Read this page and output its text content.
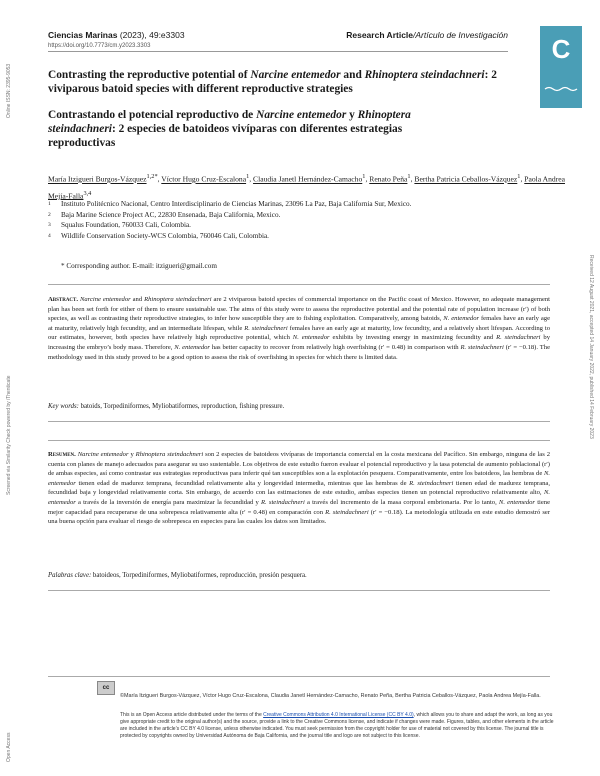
Ciencias Marinas (2023), 49:e3303
https://doi.org/10.7773/cm.y2023.3303
Research Article/Artículo de Investigación	C
M
Online ISSN: 2395-9053
Screened via Similarity Check powered by iThenticate
Open Access
Received 12 August 2021, accepted 14 January 2022, published 14 February 2023
Contrasting the reproductive potential of Narcine entemedor and Rhinoptera steindachneri: 2 viviparous batoid species with different reproductive strategies
Contrastando el potencial reproductivo de Narcine entemedor y Rhinoptera steindachneri: 2 especies de batoideos vivíparas con diferentes estrategias reproductivas
María Itzigueri Burgos-Vázquez$^{1,2*}$, Víctor Hugo Cruz-Escalona$^1$, Claudia Janetl Hernández-Camacho$^1$, Renato Peña$^1$, Bertha Patricia Ceballos-Vázquez$^1$, Paola Andrea Mejía-Falla$^{3,4}$
1	Instituto Politécnico Nacional, Centro Interdisciplinario de Ciencias Marinas, 23096 La Paz, Baja California Sur, Mexico.
2	Baja Marine Science Project AC, 22830 Ensenada, Baja California, Mexico.
3	Squalus Foundation, 760033 Cali, Colombia.
4	Wildlife Conservation Society-WCS Colombia, 760046 Cali, Colombia.
* Corresponding author. E-mail: itzigueri@gmail.com
Abstract. Narcine entemedor and Rhinoptera steindachneri are 2 viviparous batoid species of commercial importance on the Pacific coast of Mexico. However, no adequate management plan has been set forth for either of them to ensure sustainable use. The aims of this study were to assess the reproductive potential and the potential rate of population increase (r′) of both species, as well as contrasting their reproductive strategies, to infer how susceptible they are to fishing exploitation. Comparatively, among batoids, N. entemedor females have an early age at maturity, relatively high fecundity, and an intermediate lifespan, while R. steindachneri females have an early age at maturity, low fecundity, and a relatively short lifespan. According to our estimates, however, both species have relatively high reproductive potential, which N. entemedor exhibits by investing energy in maximizing fecundity and R. steindachneri by increasing the embryo’s body mass. Therefore, N. entemedor has better capacity to recover from relatively high overfishing (r′ = 0.48) in comparison with R. steindachneri (r′ = −0.18). The methodology used in this study proved to be a good option to assess the risk of overfishing in species for which there is limited data.
Key words: batoids, Torpediniformes, Myliobatiformes, reproduction, fishing pressure.
Resumen. Narcine entemedor y Rhinoptera steindachneri son 2 especies de batoideos vivíparas de importancia comercial en la costa mexicana del Pacífico. Sin embargo, ninguna de las 2 cuenta con planes de manejo adecuados para asegurar su uso sustentable. Los objetivos de este estudio fueron evaluar el potencial reproductivo y la tasa potencial de aumento poblacional (r′) de ambas especies, así como contrastar sus estrategias reproductivas para inferir qué tan susceptibles son a la explotación pesquera. Comparativamente, entre los batoideos, las hembras de N. entemedor tienen edad de madurez temprana, fecundidad relativamente alta y longevidad intermedia, mientras que las hembras de R. steindachneri tienen edad de madurez temprana, fecundidad baja y longevidad relativamente corta. Sin embargo, de acuerdo con las estimaciones de este estudio, ambas especies tienen un potencial reproductivo relativamente alto, N. entemedor a través de la inversión de energía para maximizar la fecundidad y R. steindachneri a través del incremento de la masa corporal embrionaria. Por lo tanto, N. entemedor tiene mejor capacidad para recuperarse de una sobrepesca relativamente alta (r′ = 0.48) en comparación con R. steindachneri (r′ = −0.18). La metodología utilizada en este estudio demostró ser una buena opción para evaluar el riesgo de sobrepesca en especies para las cuales los datos son limitados.
Palabras clave: batoideos, Torpediniformes, Myliobatiformes, reproducción, presión pesquera.
cc
©María Itzigueri Burgos-Vázquez, Víctor Hugo Cruz-Escalona, Claudia Janetl Hernández-Camacho, Renato Peña, Bertha Patricia Ceballos-Vázquez, Paola Andrea Mejía-Falla.
This is an Open Access article distributed under the terms of the Creative Commons Attribution 4.0 International License (CC BY 4.0), which allows you to share and adapt the work, as long as you give appropriate credit to the original author(s) and the source, provide a link to the Creative Commons license, and indicate if changes were made. Figures, tables, and other elements in the article are included in the article’s CC BY 4.0 license, unless otherwise indicated. You must seek permission from the copyright holder for use of material not covered by this license. The journal title is protected by copyrights owned by Universidad Autónoma de Baja California, and the journal title and logo are not subject to this license.
